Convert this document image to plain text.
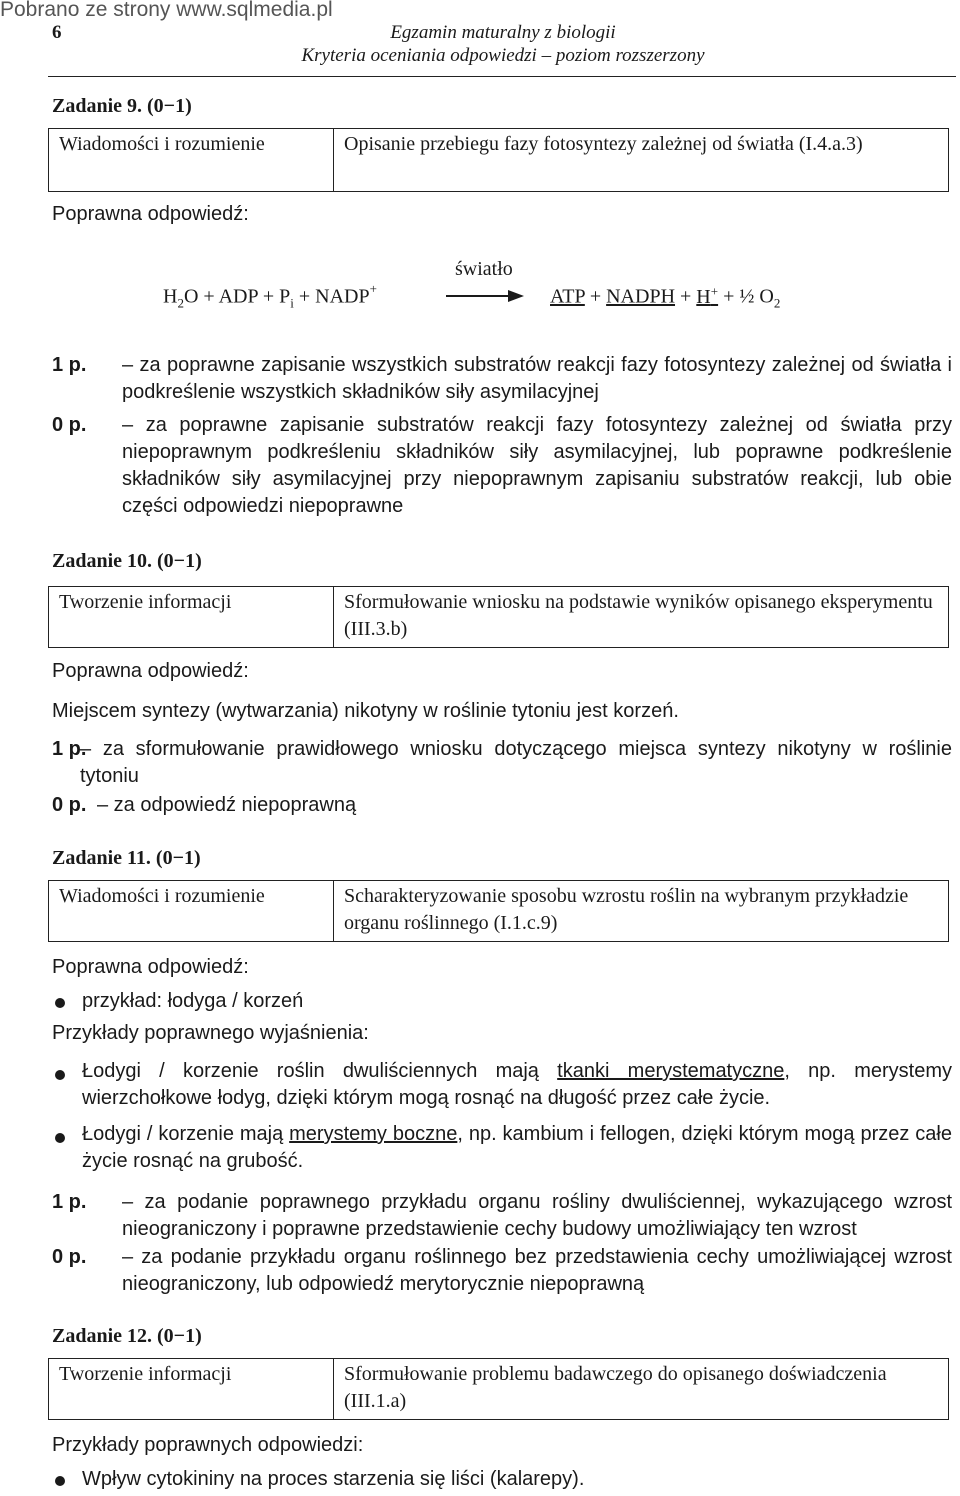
Pobrano ze strony www.sqlmedia.pl
6	Egzamin maturalny z biologii
Kryteria oceniania odpowiedzi – poziom rozszerzony
Zadanie 9. (0−1)
Wiadomości i rozumienie	Opisanie przebiegu fazy fotosyntezy zależnej od światła (I.4.a.3)
Poprawna odpowiedź:
$H_2O$ + ADP + $P_i$ + NADP+
światło
ATP + NADPH + H+ + ½ $O_2$
1 p. – za poprawne zapisanie wszystkich substratów reakcji fazy fotosyntezy zależnej od światła i podkreślenie wszystkich składników siły asymilacyjnej
0 p. – za poprawne zapisanie substratów reakcji fazy fotosyntezy zależnej od światła przy niepoprawnym podkreśleniu składników siły asymilacyjnej, lub poprawne podkreślenie składników siły asymilacyjnej przy niepoprawnym zapisaniu substratów reakcji, lub obie części odpowiedzi niepoprawne
Zadanie 10. (0−1)
Tworzenie informacji	Sformułowanie wniosku na podstawie wyników opisanego eksperymentu (III.3.b)
Poprawna odpowiedź:
Miejscem syntezy (wytwarzania) nikotyny w roślinie tytoniu jest korzeń.
1 p.
– za sformułowanie prawidłowego wniosku dotyczącego miejsca syntezy nikotyny w roślinie tytoniu
0 p. – za odpowiedź niepoprawną
Zadanie 11. (0−1)
Wiadomości i rozumienie	Scharakteryzowanie sposobu wzrostu roślin na wybranym przykładzie organu roślinnego (I.1.c.9)
Poprawna odpowiedź:
przykład: łodyga / korzeń
Przykłady poprawnego wyjaśnienia:
Łodygi / korzenie roślin dwuliściennych mają tkanki merystematyczne, np. merystemy wierzchołkowe łodyg, dzięki którym mogą rosnąć na długość przez całe życie.
Łodygi / korzenie mają merystemy boczne, np. kambium i fellogen, dzięki którym mogą przez całe życie rosnąć na grubość.
1 p. – za podanie poprawnego przykładu organu rośliny dwuliściennej, wykazującego wzrost nieograniczony i poprawne przedstawienie cechy budowy umożliwiający ten wzrost
0 p. – za podanie przykładu organu roślinnego bez przedstawienia cechy umożliwiającej wzrost nieograniczony, lub odpowiedź merytorycznie niepoprawną
Zadanie 12. (0−1)
Tworzenie informacji	Sformułowanie problemu badawczego do opisanego doświadczenia (III.1.a)
Przykłady poprawnych odpowiedzi:
Wpływ cytokininy na proces starzenia się liści (kalarepy).
